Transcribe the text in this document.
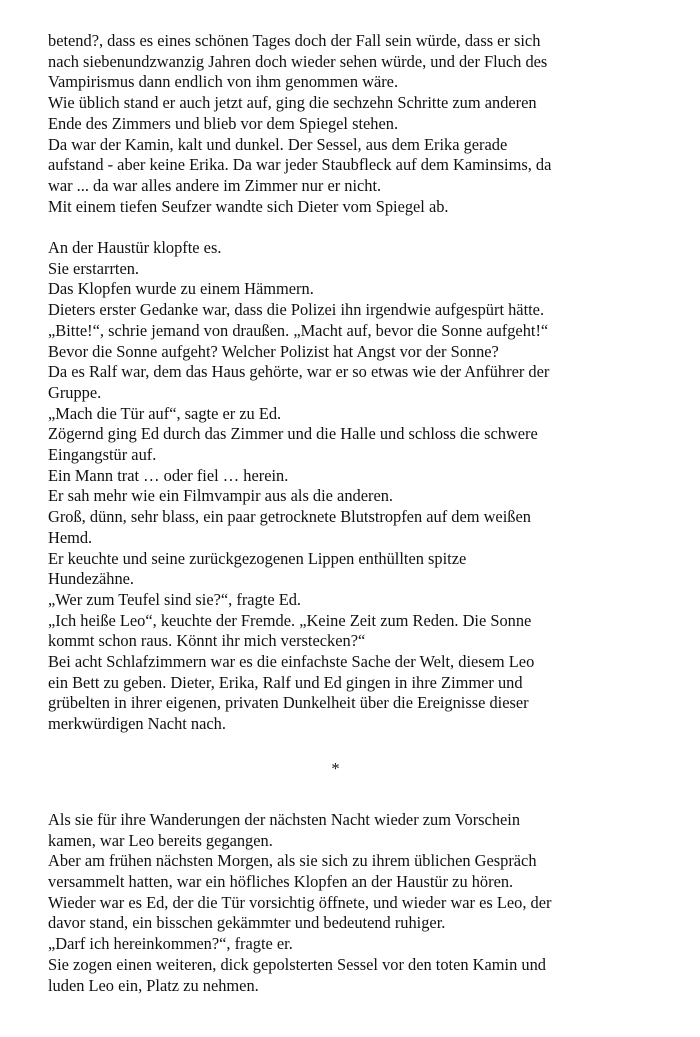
betend?, dass es eines schönen Tages doch der Fall sein würde, dass er sich
nach siebenundzwanzig Jahren doch wieder sehen würde, und der Fluch des
Vampirismus dann endlich von ihm genommen wäre.
Wie üblich stand er auch jetzt auf, ging die sechzehn Schritte zum anderen
Ende des Zimmers und blieb vor dem Spiegel stehen.
Da war der Kamin, kalt und dunkel. Der Sessel, aus dem Erika gerade
aufstand - aber keine Erika. Da war jeder Staubfleck auf dem Kaminsims, da
war ... da war alles andere im Zimmer nur er nicht.
Mit einem tiefen Seufzer wandte sich Dieter vom Spiegel ab.
An der Haustür klopfte es.
Sie erstarrten.
Das Klopfen wurde zu einem Hämmern.
Dieters erster Gedanke war, dass die Polizei ihn irgendwie aufgespürt hätte.
„Bitte!“, schrie jemand von draußen. „Macht auf, bevor die Sonne aufgeht!“
Bevor die Sonne aufgeht? Welcher Polizist hat Angst vor der Sonne?
Da es Ralf war, dem das Haus gehörte, war er so etwas wie der Anführer der
Gruppe.
„Mach die Tür auf“, sagte er zu Ed.
Zögernd ging Ed durch das Zimmer und die Halle und schloss die schwere
Eingangstür auf.
Ein Mann trat … oder fiel … herein.
Er sah mehr wie ein Filmvampir aus als die anderen.
Groß, dünn, sehr blass, ein paar getrocknete Blutstropfen auf dem weißen
Hemd.
Er keuchte und seine zurückgezogenen Lippen enthüllten spitze
Hundezähne.
„Wer zum Teufel sind sie?“, fragte Ed.
„Ich heiße Leo“, keuchte der Fremde. „Keine Zeit zum Reden. Die Sonne
kommt schon raus. Könnt ihr mich verstecken?“
Bei acht Schlafzimmern war es die einfachste Sache der Welt, diesem Leo
ein Bett zu geben. Dieter, Erika, Ralf und Ed gingen in ihre Zimmer und
grübelten in ihrer eigenen, privaten Dunkelheit über die Ereignisse dieser
merkwürdigen Nacht nach.
*
Als sie für ihre Wanderungen der nächsten Nacht wieder zum Vorschein
kamen, war Leo bereits gegangen.
Aber am frühen nächsten Morgen, als sie sich zu ihrem üblichen Gespräch
versammelt hatten, war ein höfliches Klopfen an der Haustür zu hören.
Wieder war es Ed, der die Tür vorsichtig öffnete, und wieder war es Leo, der
davor stand, ein bisschen gekämmter und bedeutend ruhiger.
„Darf ich hereinkommen?“, fragte er.
Sie zogen einen weiteren, dick gepolsterten Sessel vor den toten Kamin und
luden Leo ein, Platz zu nehmen.
